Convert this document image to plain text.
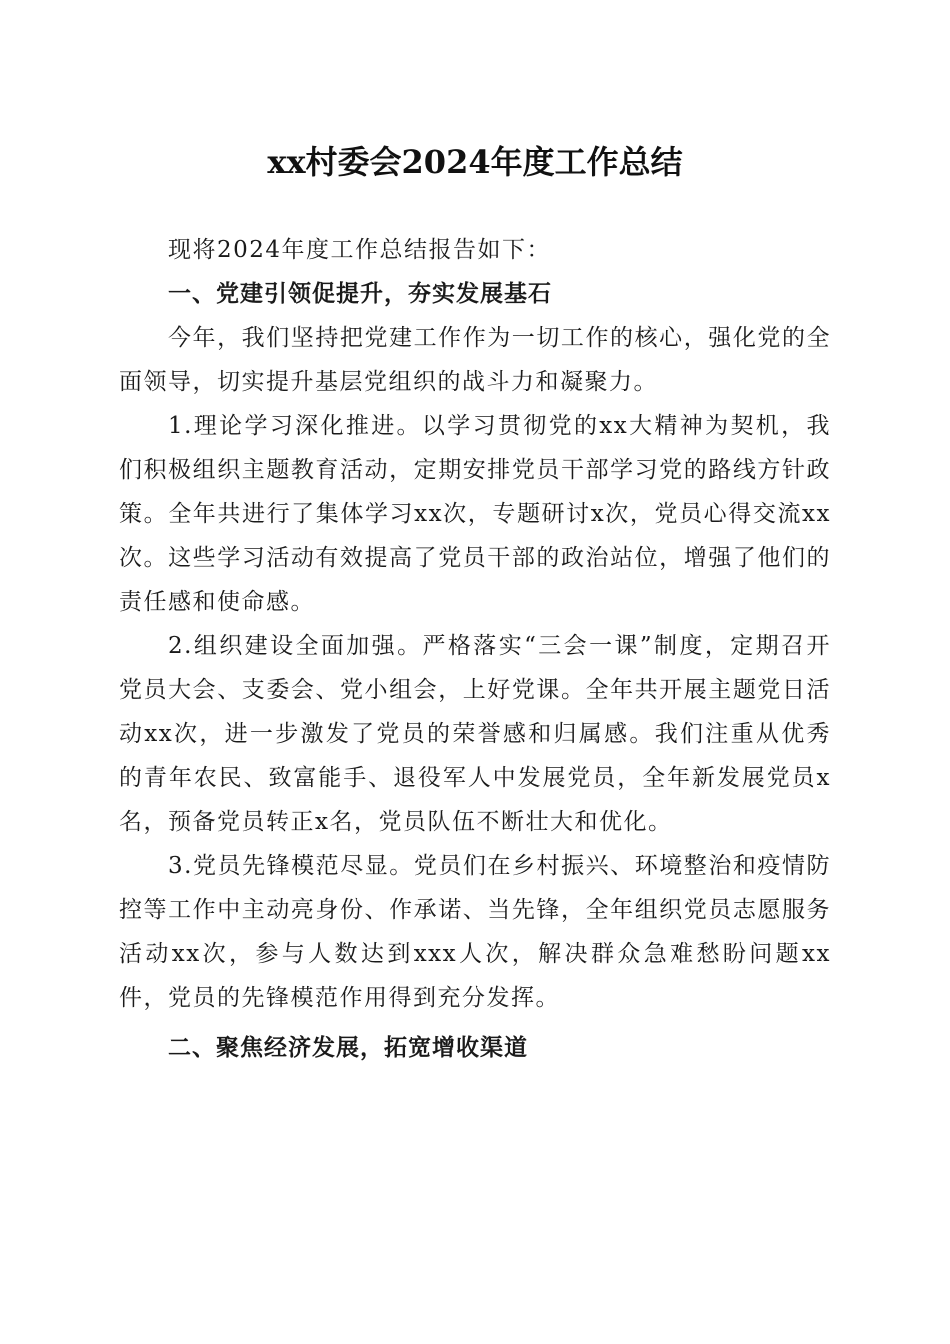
xx村委会2024年度工作总结

现将2024年度工作总结报告如下：

一、党建引领促提升，夯实发展基石

今年，我们坚持把党建工作作为一切工作的核心，强化党的全面领导，切实提升基层党组织的战斗力和凝聚力。

1.理论学习深化推进。以学习贯彻党的xx大精神为契机，我们积极组织主题教育活动，定期安排党员干部学习党的路线方针政策。全年共进行了集体学习xx次，专题研讨x次，党员心得交流xx次。这些学习活动有效提高了党员干部的政治站位，增强了他们的责任感和使命感。

2.组织建设全面加强。严格落实“三会一课”制度，定期召开党员大会、支委会、党小组会，上好党课。全年共开展主题党日活动xx次，进一步激发了党员的荣誉感和归属感。我们注重从优秀的青年农民、致富能手、退役军人中发展党员，全年新发展党员x名，预备党员转正x名，党员队伍不断壮大和优化。

3.党员先锋模范尽显。党员们在乡村振兴、环境整治和疫情防控等工作中主动亮身份、作承诺、当先锋，全年组织党员志愿服务活动xx次，参与人数达到xxx人次，解决群众急难愁盼问题xx件，党员的先锋模范作用得到充分发挥。

二、聚焦经济发展，拓宽增收渠道
